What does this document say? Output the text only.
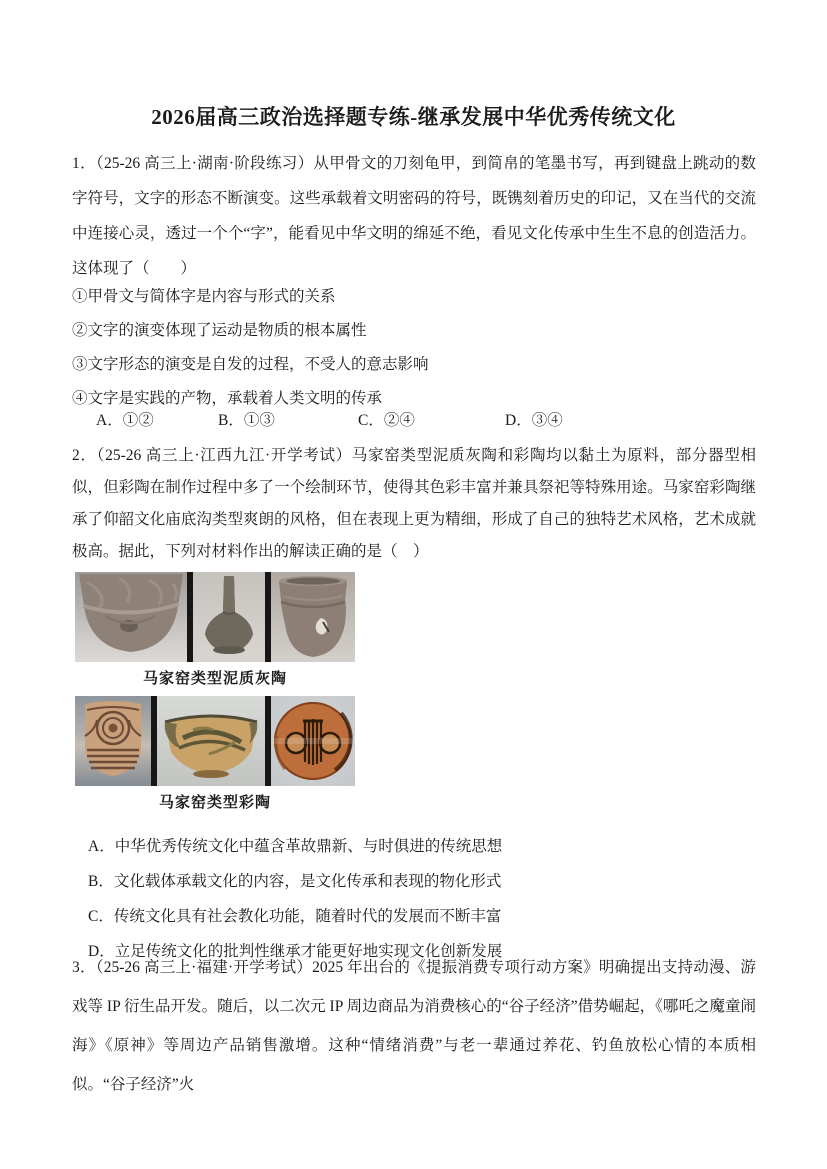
2026届高三政治选择题专练-继承发展中华优秀传统文化

1．（25-26 高三上·湖南·阶段练习）从甲骨文的刀刻龟甲，到简帛的笔墨书写，再到键盘上跳动的数字符号，文字的形态不断演变。这些承载着文明密码的符号，既镌刻着历史的印记，又在当代的交流中连接心灵，透过一个个“字”，能看见中华文明的绵延不绝，看见文化传承中生生不息的创造活力。这体现了（　　）

①甲骨文与简体字是内容与形式的关系
②文字的演变体现了运动是物质的根本属性
③文字形态的演变是自发的过程，不受人的意志影响
④文字是实践的产物，承载着人类文明的传承
A．①②	B．①③	C．②④	D．③④

2．（25-26 高三上·江西九江·开学考试）马家窑类型泥质灰陶和彩陶均以黏土为原料，部分器型相似，但彩陶在制作过程中多了一个绘制环节，使得其色彩丰富并兼具祭祀等特殊用途。马家窑彩陶继承了仰韶文化庙底沟类型爽朗的风格，但在表现上更为精细，形成了自己的独特艺术风格，艺术成就极高。据此，下列对材料作出的解读正确的是（　）

马家窑类型泥质灰陶
马家窑类型彩陶
A．中华优秀传统文化中蕴含革故鼎新、与时俱进的传统思想
B．文化载体承载文化的内容，是文化传承和表现的物化形式
C．传统文化具有社会教化功能，随着时代的发展而不断丰富
D．立足传统文化的批判性继承才能更好地实现文化创新发展

3．（25-26 高三上·福建·开学考试）2025 年出台的《提振消费专项行动方案》明确提出支持动漫、游戏等 IP 衍生品开发。随后，以二次元 IP 周边商品为消费核心的“谷子经济”借势崛起，《哪吒之魔童闹海》《原神》等周边产品销售激增。这种“情绪消费”与老一辈通过养花、钓鱼放松心情的本质相似。“谷子经济”火
